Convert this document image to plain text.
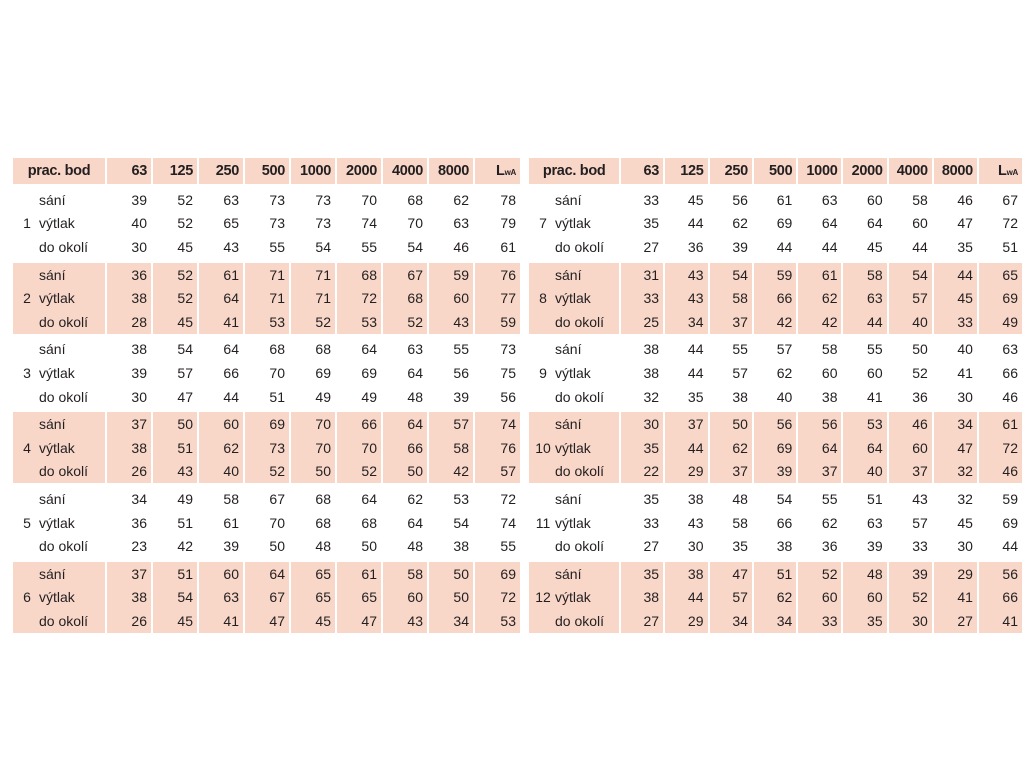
prac. bod	63	125	250	500	1000	2000	4000	8000	LwA

sání	39	52	63	73	73	70	68	62	78
1 výtlak	40	52	65	73	73	74	70	63	79
do okolí	30	45	43	55	54	55	54	46	61

sání	36	52	61	71	71	68	67	59	76
2 výtlak	38	52	64	71	71	72	68	60	77
do okolí	28	45	41	53	52	53	52	43	59

sání	38	54	64	68	68	64	63	55	73
3 výtlak	39	57	66	70	69	69	64	56	75
do okolí	30	47	44	51	49	49	48	39	56

sání	37	50	60	69	70	66	64	57	74
4 výtlak	38	51	62	73	70	70	66	58	76
do okolí	26	43	40	52	50	52	50	42	57

sání	34	49	58	67	68	64	62	53	72
5 výtlak	36	51	61	70	68	68	64	54	74
do okolí	23	42	39	50	48	50	48	38	55

sání	37	51	60	64	65	61	58	50	69
6 výtlak	38	54	63	67	65	65	60	50	72
do okolí	26	45	41	47	45	47	43	34	53
prac. bod	63	125	250	500	1000	2000	4000	8000	LwA

sání	33	45	56	61	63	60	58	46	67
7 výtlak	35	44	62	69	64	64	60	47	72
do okolí	27	36	39	44	44	45	44	35	51

sání	31	43	54	59	61	58	54	44	65
8 výtlak	33	43	58	66	62	63	57	45	69
do okolí	25	34	37	42	42	44	40	33	49

sání	38	44	55	57	58	55	50	40	63
9 výtlak	38	44	57	62	60	60	52	41	66
do okolí	32	35	38	40	38	41	36	30	46

sání	30	37	50	56	56	53	46	34	61
10 výtlak	35	44	62	69	64	64	60	47	72
do okolí	22	29	37	39	37	40	37	32	46

sání	35	38	48	54	55	51	43	32	59
11 výtlak	33	43	58	66	62	63	57	45	69
do okolí	27	30	35	38	36	39	33	30	44

sání	35	38	47	51	52	48	39	29	56
12 výtlak	38	44	57	62	60	60	52	41	66
do okolí	27	29	34	34	33	35	30	27	41
